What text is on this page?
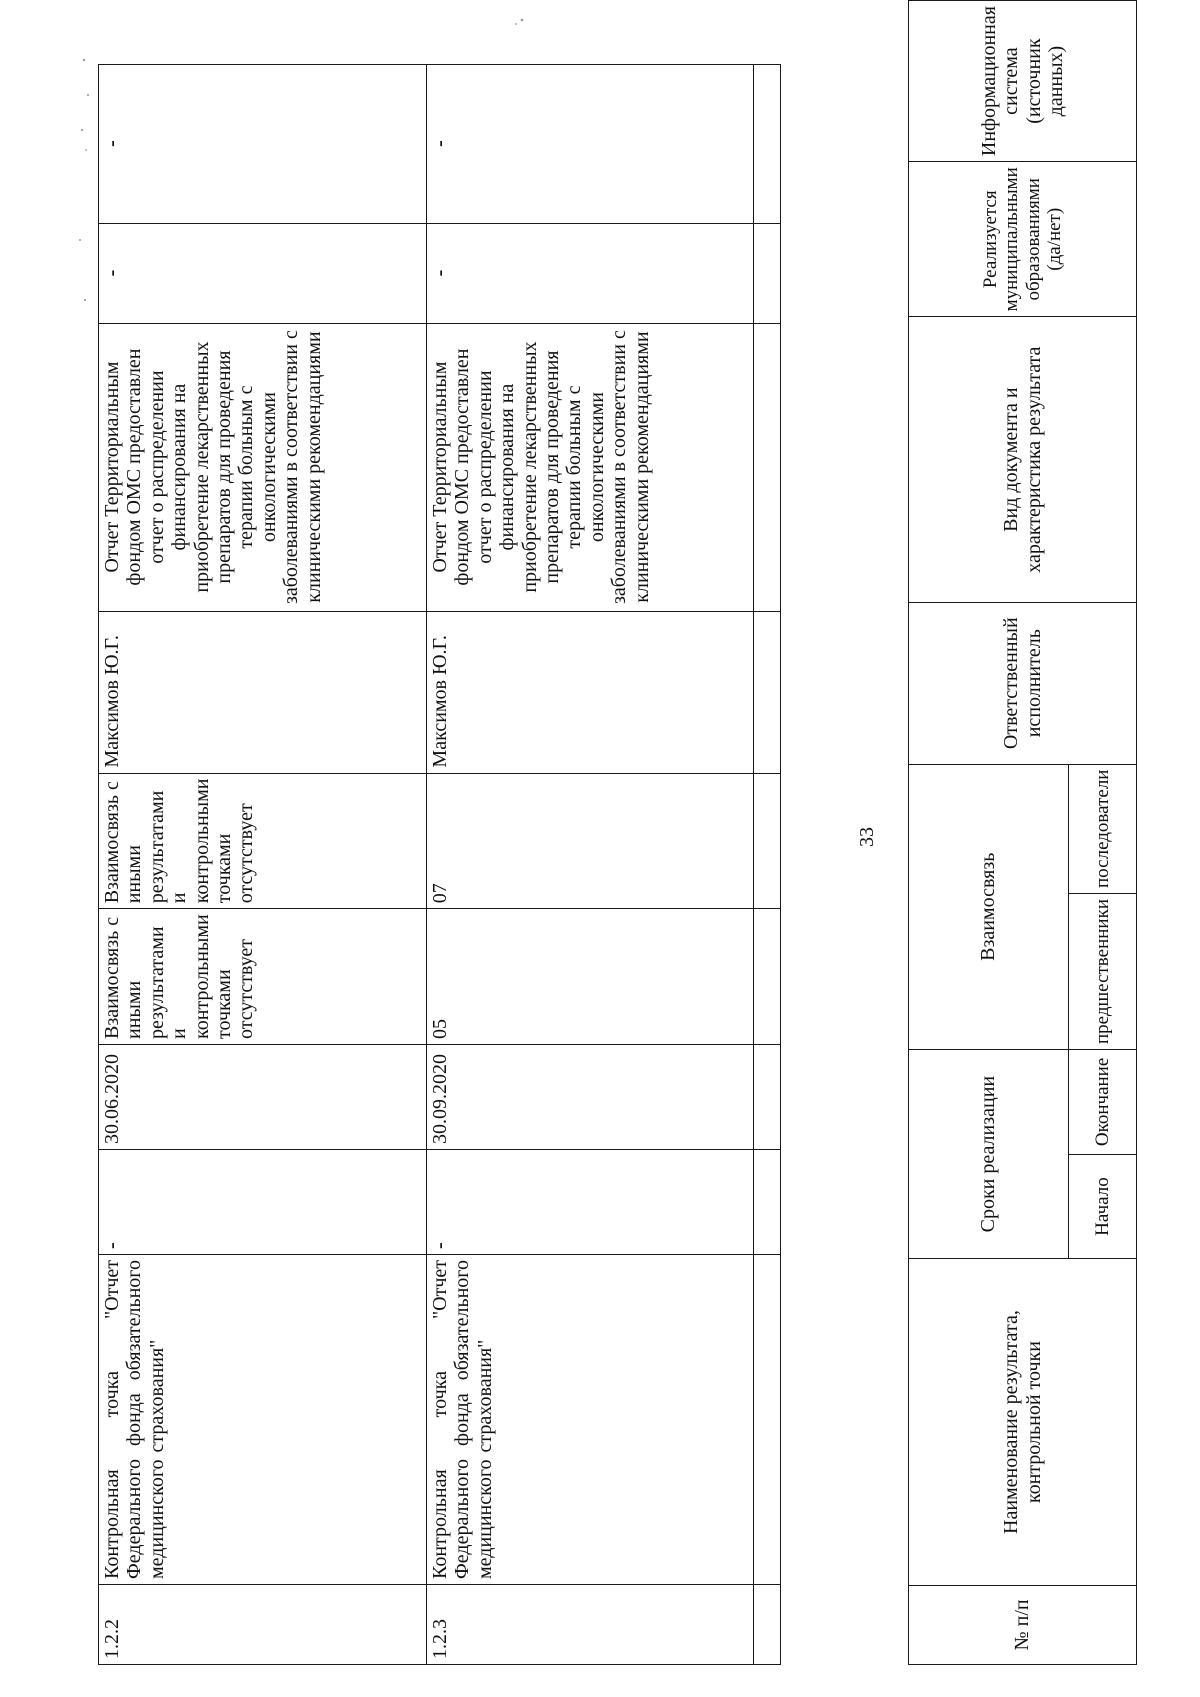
1.2.2	Контрольная точка "Отчет Федерального фонда обязательного медицинского страхования"	-	30.06.2020	Взаимосвязь с иными результатами и контрольными точками отсутствует	Взаимосвязь с иными результатами и контрольными точками отсутствует	Максимов Ю.Г.	Отчет Территориальным фондом ОМС предоставлен отчет о распределении финансирования на приобретение лекарственных препаратов для проведения терапии больным с онкологическими заболеваниями в соответствии с клиническими рекомендациями	-	-
1.2.3	Контрольная точка "Отчет Федерального фонда обязательного медицинского страхования"	-	30.09.2020	05	07	Максимов Ю.Г.	Отчет Территориальным фондом ОМС предоставлен отчет о распределении финансирования на приобретение лекарственных препаратов для проведения терапии больным с онкологическими заболеваниями в соответствии с клиническими рекомендациями	-	-

33
№ п/п	Наименование результата, контрольной точки	Сроки реализации		Взаимосвязь		Ответственный исполнитель	Вид документа и характеристика результата	Реализуется муниципальными образованиями (да/нет)	Информационная система (источник данных)
		Начало	Окончание	предшественники	последователи				
